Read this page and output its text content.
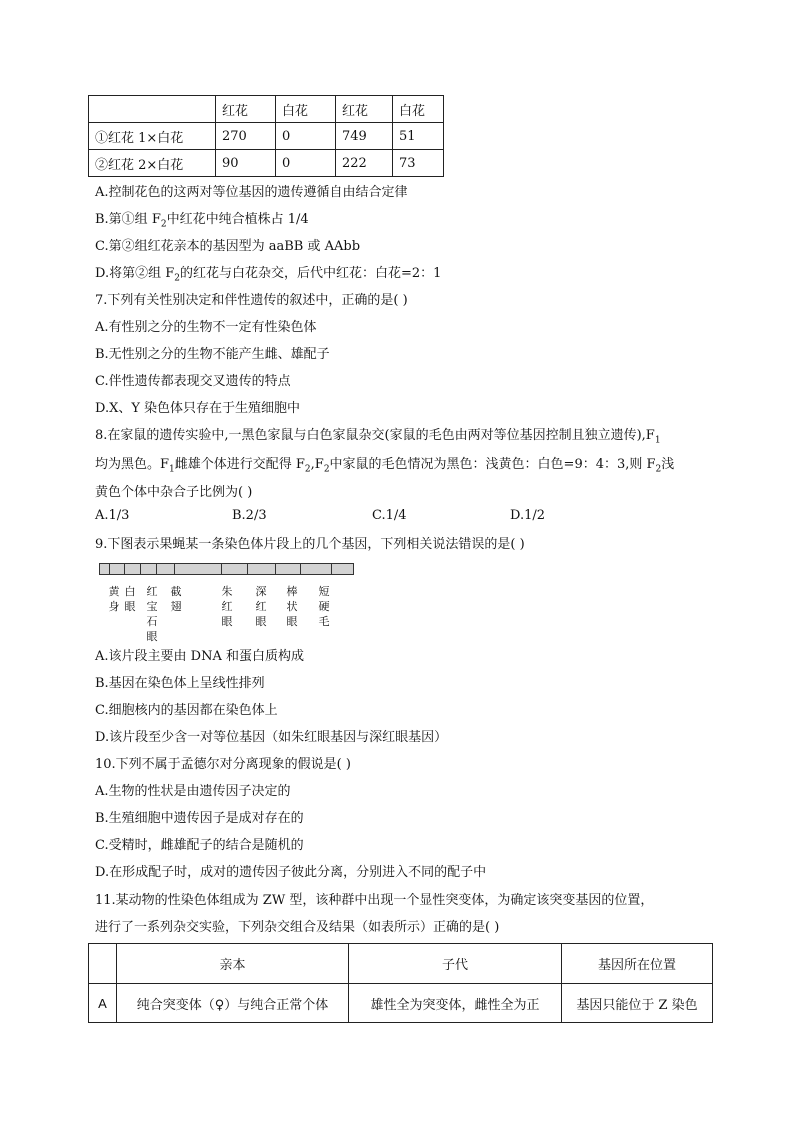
	红花	白花	红花	白花
①红花 1×白花	270	0	749	51
②红花 2×白花	90	0	222	73
A.控制花色的这两对等位基因的遗传遵循自由结合定律
B.第①组 $F_2$中红花中纯合植株占 1/4
C.第②组红花亲本的基因型为 aaBB 或 AAbb
D.将第②组 $F_2$的红花与白花杂交，后代中红花：白花=2：1
7.下列有关性别决定和伴性遗传的叙述中，正确的是( )
A.有性别之分的生物不一定有性染色体
B.无性别之分的生物不能产生雌、雄配子
C.伴性遗传都表现交叉遗传的特点
D.X、Y 染色体只存在于生殖细胞中
8.在家鼠的遗传实验中,一黑色家鼠与白色家鼠杂交(家鼠的毛色由两对等位基因控制且独立遗传)$,F_1$
均为黑色。$F_1$雌雄个体进行交配得 $F_2,F_2$中家鼠的毛色情况为黑色：浅黄色：白色=9：4：3,则 $F_2$浅
黄色个体中杂合子比例为( )
A.1/3	B.2/3	C.1/4	D.1/2
9.下图表示果蝇某一条染色体片段上的几个基因，下列相关说法错误的是( )
黄
身
白
眼
红
宝
石
眼
截
翅
朱
红
眼
深
红
眼
棒
状
眼
短
硬
毛
A.该片段主要由 DNA 和蛋白质构成
B.基因在染色体上呈线性排列
C.细胞核内的基因都在染色体上
D.该片段至少含一对等位基因（如朱红眼基因与深红眼基因）
10.下列不属于孟德尔对分离现象的假说是( )
A.生物的性状是由遗传因子决定的
B.生殖细胞中遗传因子是成对存在的
C.受精时，雌雄配子的结合是随机的
D.在形成配子时，成对的遗传因子彼此分离，分别进入不同的配子中
11.某动物的性染色体组成为 ZW 型，该种群中出现一个显性突变体，为确定该突变基因的位置，
进行了一系列杂交实验，下列杂交组合及结果（如表所示）正确的是( )
	亲本	子代	基因所在位置
A	纯合突变体（♀）与纯合正常个体	雄性全为突变体，雌性全为正	基因只能位于 Z 染色
